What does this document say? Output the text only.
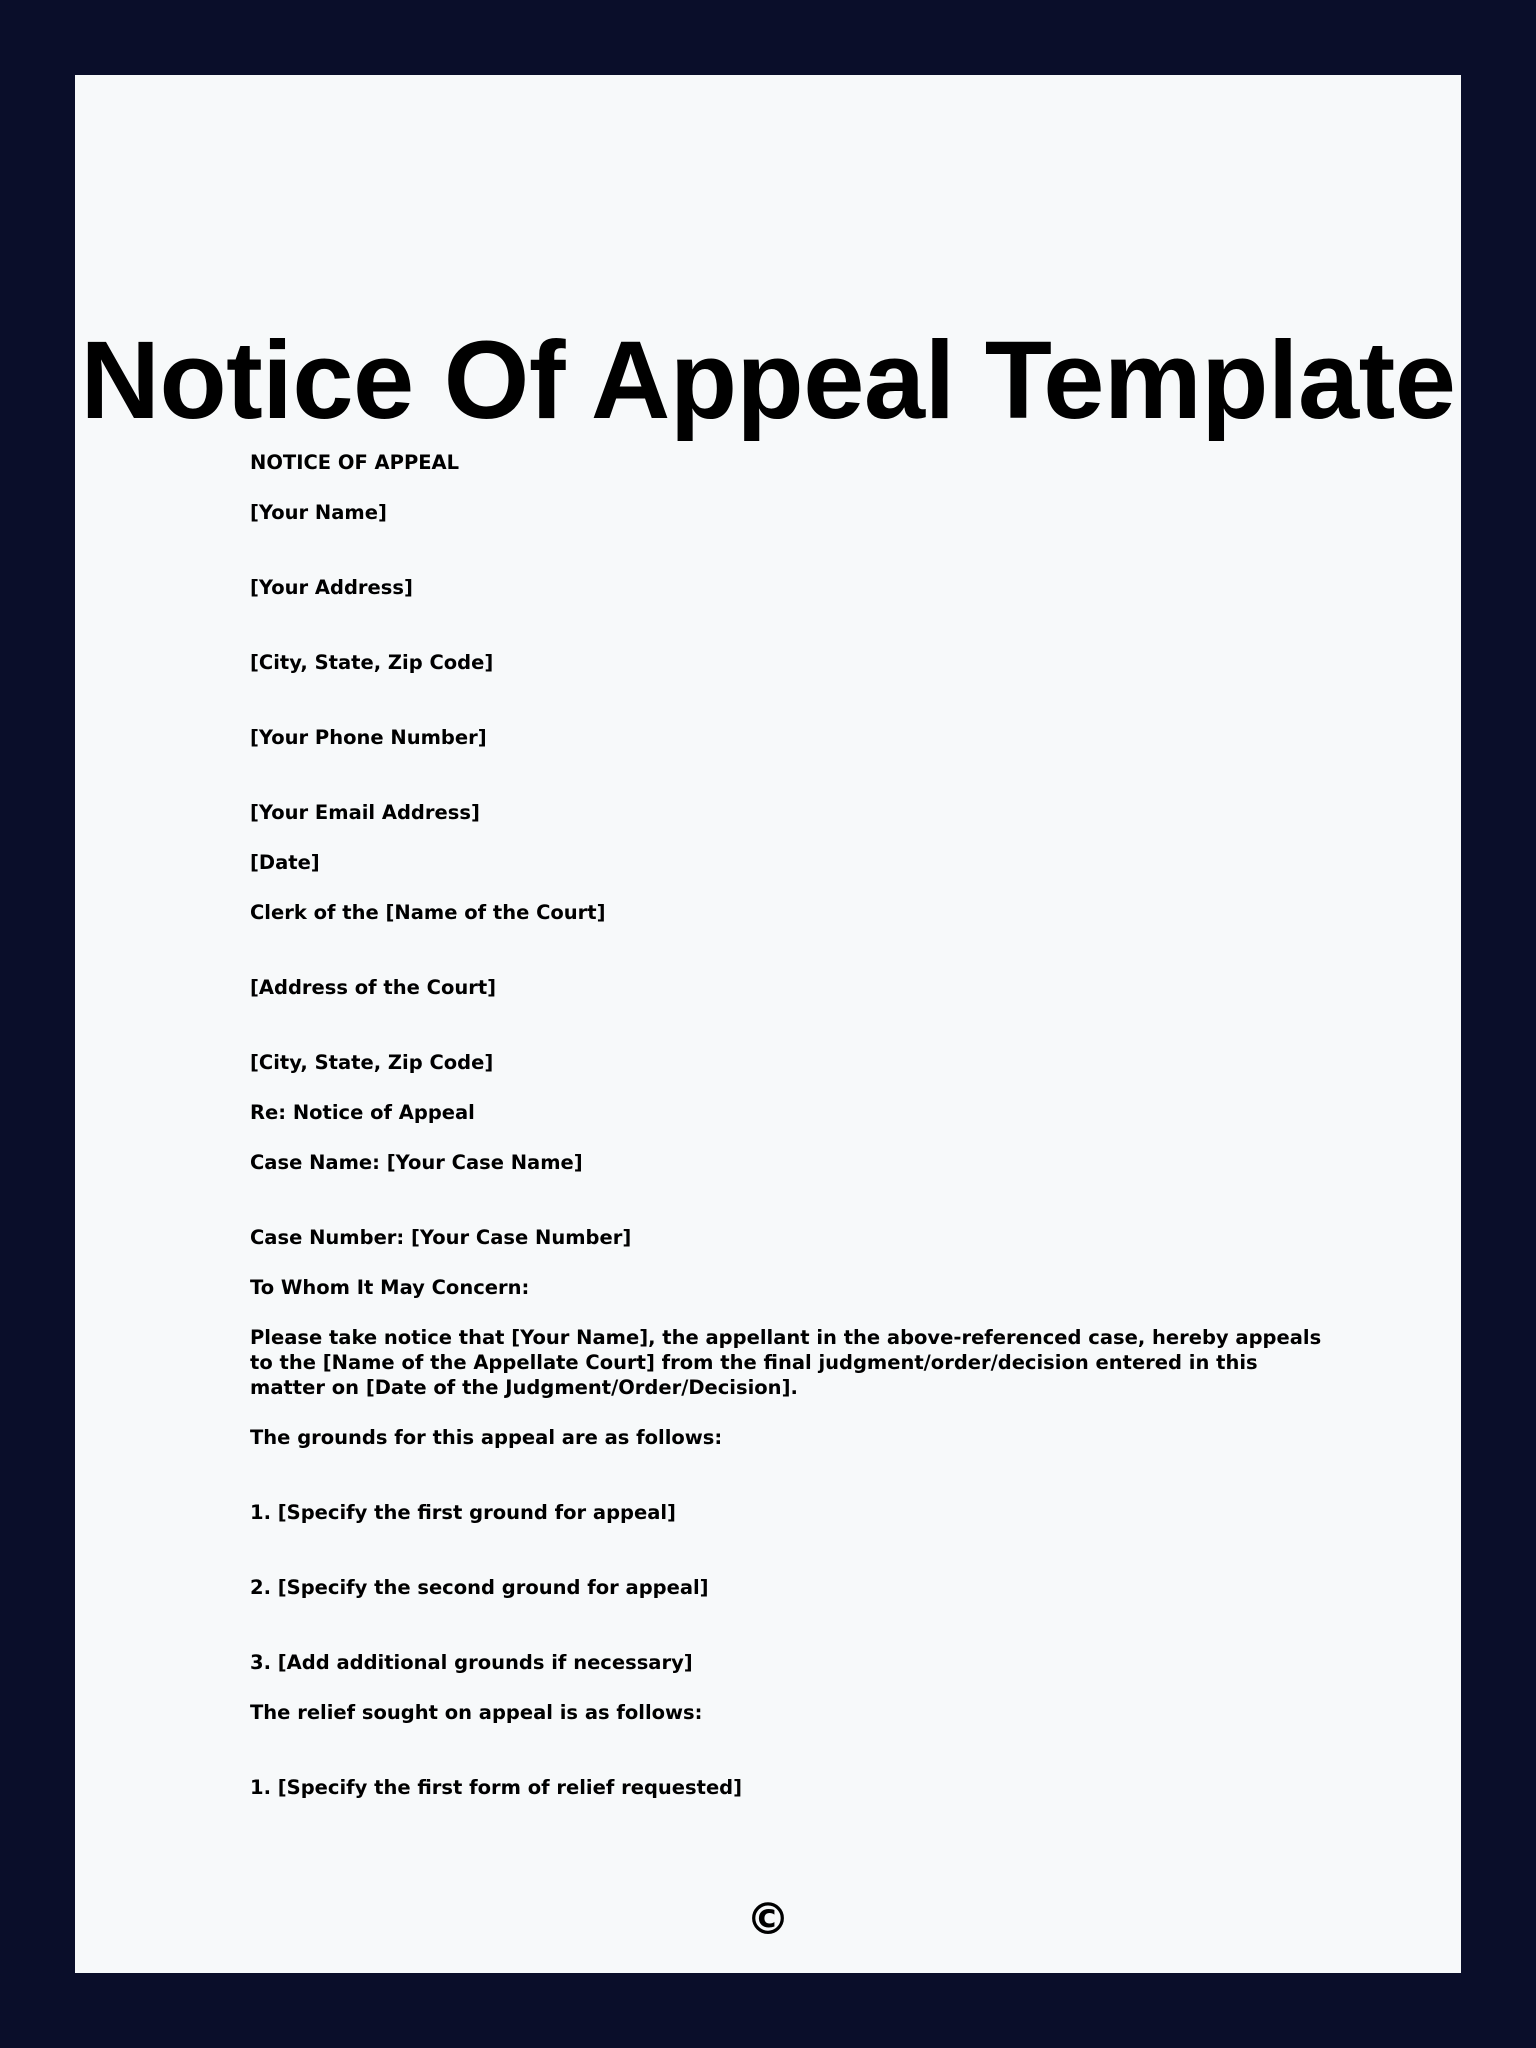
Notice Of Appeal Template
NOTICE OF APPEAL
[Your Name]
[Your Address]
[City, State, Zip Code]
[Your Phone Number]
[Your Email Address]
[Date]
Clerk of the [Name of the Court]
[Address of the Court]
[City, State, Zip Code]
Re: Notice of Appeal
Case Name: [Your Case Name]
Case Number: [Your Case Number]
To Whom It May Concern:
Please take notice that [Your Name], the appellant in the above-referenced case, hereby appeals to the [Name of the Appellate Court] from the final judgment/order/decision entered in this matter on [Date of the Judgment/Order/Decision].
The grounds for this appeal are as follows:
1. [Specify the first ground for appeal]
2. [Specify the second ground for appeal]
3. [Add additional grounds if necessary]
The relief sought on appeal is as follows:
1. [Specify the first form of relief requested]
©
